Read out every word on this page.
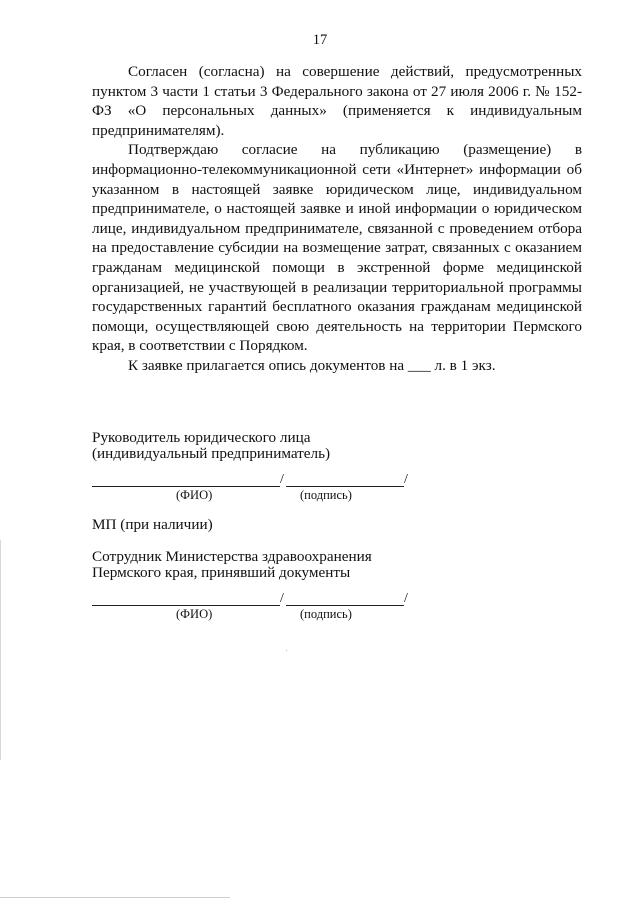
17

Согласен (согласна) на совершение действий, предусмотренных пунктом 3 части 1 статьи 3 Федерального закона от 27 июля 2006 г. № 152-ФЗ «О персональных данных» (применяется к индивидуальным предпринимателям).

Подтверждаю согласие на публикацию (размещение) в информационно-телекоммуникационной сети «Интернет» информации об указанном в настоящей заявке юридическом лице, индивидуальном предпринимателе, о настоящей заявке и иной информации о юридическом лице, индивидуальном предпринимателе, связанной с проведением отбора на предоставление субсидии на возмещение затрат, связанных с оказанием гражданам медицинской помощи в экстренной форме медицинской организацией, не участвующей в реализации территориальной программы государственных гарантий бесплатного оказания гражданам медицинской помощи, осуществляющей свою деятельность на территории Пермского края, в соответствии с Порядком.

К заявке прилагается опись документов на ___ л. в 1 экз.

Руководитель юридического лица
(индивидуальный предприниматель)
/	/
(ФИО)	(подпись)
МП (при наличии)
Сотрудник Министерства здравоохранения
Пермского края, принявший документы
/	/
(ФИО)	(подпись)
